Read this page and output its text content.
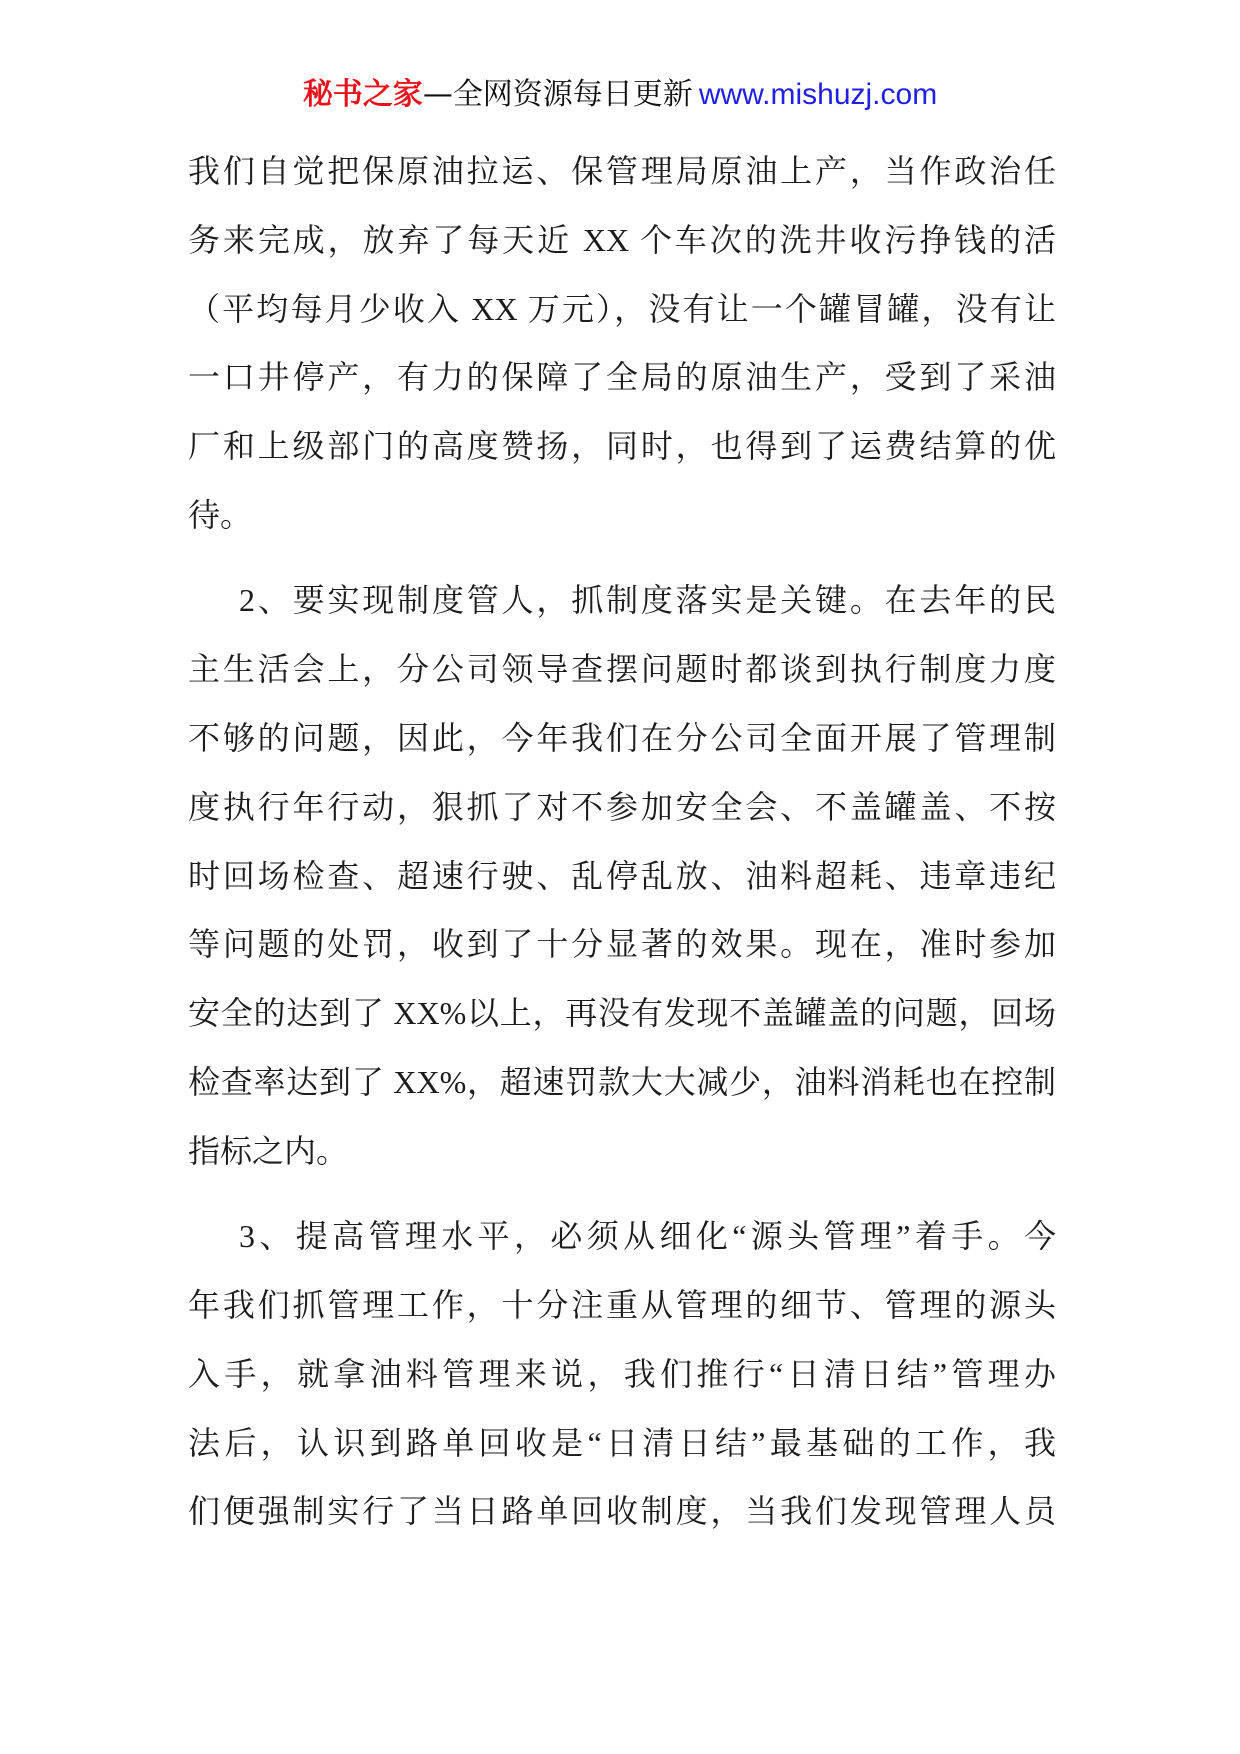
秘书之家—全网资源每日更新 www.mishuzj.com
我们自觉把保原油拉运、保管理局原油上产，当作政治任
务来完成，放弃了每天近 XX 个车次的洗井收污挣钱的活
（平均每月少收入 XX 万元），没有让一个罐冒罐，没有让
一口井停产，有力的保障了全局的原油生产，受到了采油
厂和上级部门的高度赞扬，同时，也得到了运费结算的优
待。
2、要实现制度管人，抓制度落实是关键。在去年的民
主生活会上，分公司领导查摆问题时都谈到执行制度力度
不够的问题，因此，今年我们在分公司全面开展了管理制
度执行年行动，狠抓了对不参加安全会、不盖罐盖、不按
时回场检查、超速行驶、乱停乱放、油料超耗、违章违纪
等问题的处罚，收到了十分显著的效果。现在，准时参加
安全的达到了 XX%以上，再没有发现不盖罐盖的问题，回场
检查率达到了 XX%，超速罚款大大减少，油料消耗也在控制
指标之内。
3、提高管理水平，必须从细化“源头管理”着手。今
年我们抓管理工作，十分注重从管理的细节、管理的源头
入手，就拿油料管理来说，我们推行“日清日结”管理办
法后，认识到路单回收是“日清日结”最基础的工作，我
们便强制实行了当日路单回收制度，当我们发现管理人员
